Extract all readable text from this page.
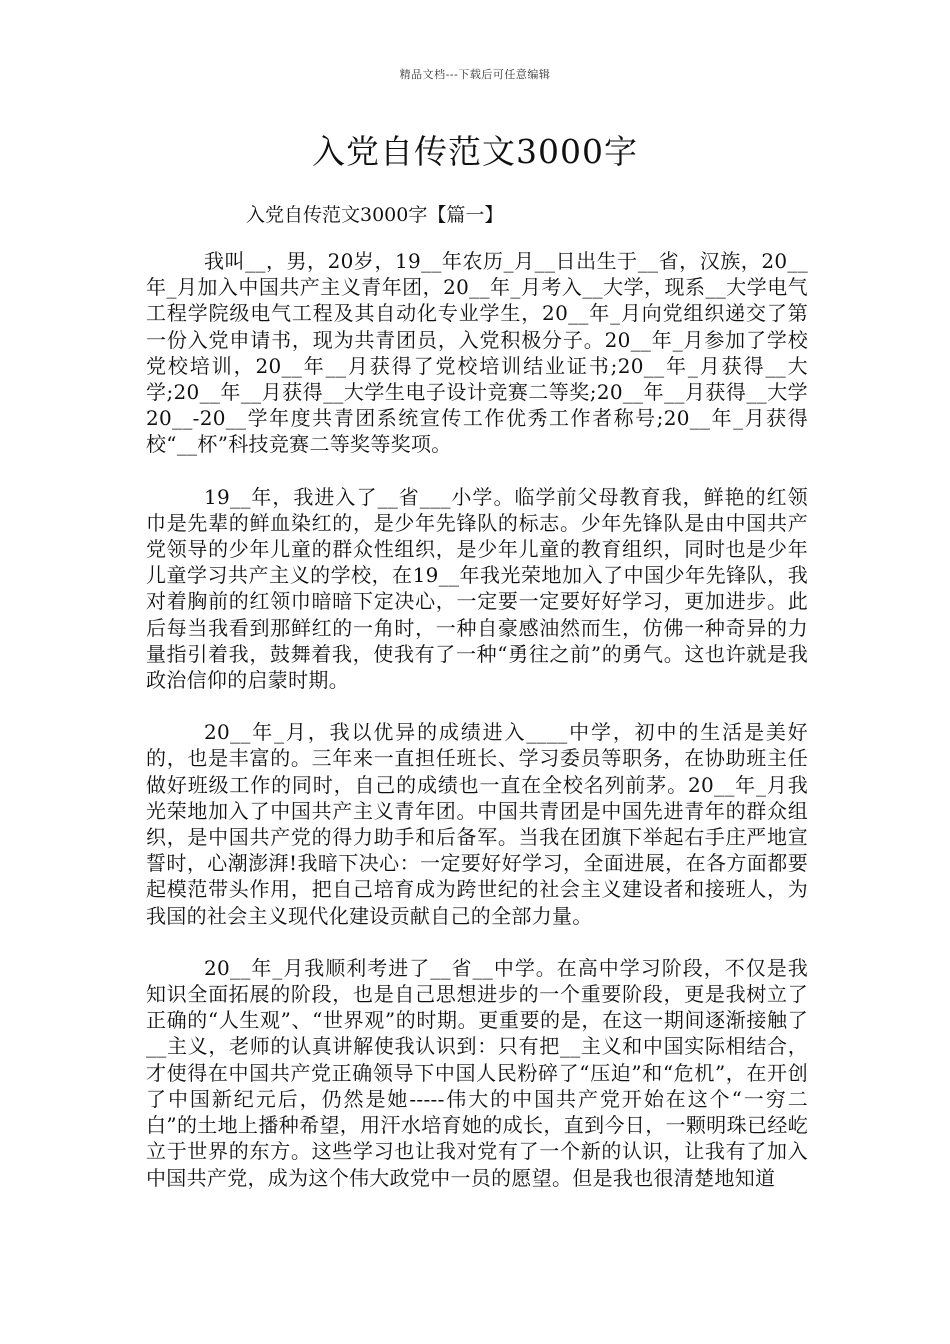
精品文档---下载后可任意编辑
入党自传范文3000字
入党自传范文3000字【篇一】

我叫__，男，20岁，19__年农历_月__日出生于__省，汉族，20__年_月加入中国共产主义青年团，20__年_月考入__大学，现系__大学电气工程学院级电气工程及其自动化专业学生，20__年_月向党组织递交了第一份入党申请书，现为共青团员，入党积极分子。20__年_月参加了学校党校培训，20__年__月获得了党校培训结业证书;20__年_月获得__大学;20__年__月获得__大学生电子设计竞赛二等奖;20__年__月获得__大学20__-20__学年度共青团系统宣传工作优秀工作者称号;20__年_月获得校“__杯”科技竞赛二等奖等奖项。

19__年，我进入了__省___小学。临学前父母教育我，鲜艳的红领巾是先辈的鲜血染红的，是少年先锋队的标志。少年先锋队是由中国共产党领导的少年儿童的群众性组织，是少年儿童的教育组织，同时也是少年儿童学习共产主义的学校，在19__年我光荣地加入了中国少年先锋队，我对着胸前的红领巾暗暗下定决心，一定要一定要好好学习，更加进步。此后每当我看到那鲜红的一角时，一种自豪感油然而生，仿佛一种奇异的力量指引着我，鼓舞着我，使我有了一种“勇往之前”的勇气。这也许就是我政治信仰的启蒙时期。

20__年_月，我以优异的成绩进入____中学，初中的生活是美好的，也是丰富的。三年来一直担任班长、学习委员等职务，在协助班主任做好班级工作的同时，自己的成绩也一直在全校名列前茅。20__年_月我光荣地加入了中国共产主义青年团。中国共青团是中国先进青年的群众组织，是中国共产党的得力助手和后备军。当我在团旗下举起右手庄严地宣誓时，心潮澎湃!我暗下决心：一定要好好学习，全面进展，在各方面都要起模范带头作用，把自己培育成为跨世纪的社会主义建设者和接班人，为我国的社会主义现代化建设贡献自己的全部力量。

20__年_月我顺利考进了__省__中学。在高中学习阶段，不仅是我知识全面拓展的阶段，也是自己思想进步的一个重要阶段，更是我树立了正确的“人生观”、“世界观”的时期。更重要的是，在这一期间逐渐接触了__主义，老师的认真讲解使我认识到：只有把__主义和中国实际相结合，才使得在中国共产党正确领导下中国人民粉碎了“压迫”和“危机”，在开创了中国新纪元后，仍然是她-----伟大的中国共产党开始在这个“一穷二白”的土地上播种希望，用汗水培育她的成长，直到今日，一颗明珠已经屹立于世界的东方。这些学习也让我对党有了一个新的认识，让我有了加入中国共产党，成为这个伟大政党中一员的愿望。但是我也很清楚地知道
